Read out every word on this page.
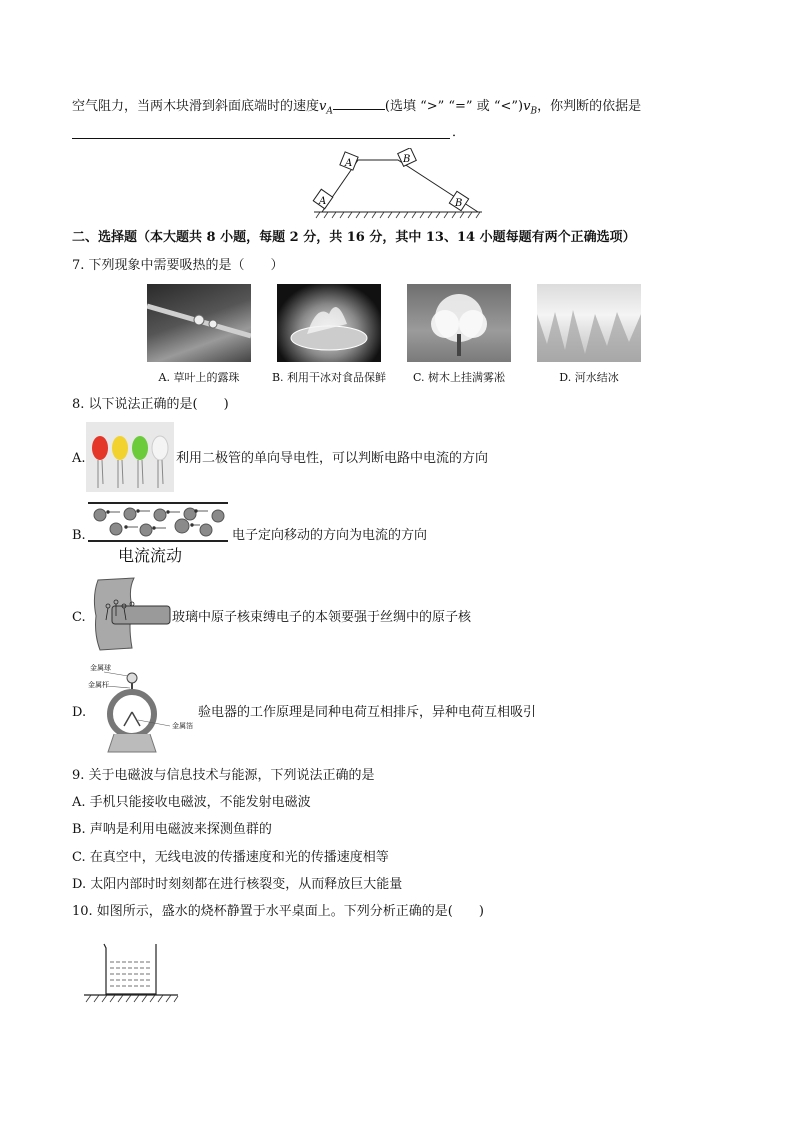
空气阻力，当两木块滑到斜面底端时的速度$v_A$	(选填 “>” “=” 或 “$<”)v_B$，你判断的依据是
．
A	B
A	B
二、选择题（本大题共 8 小题，每题 2 分，共 16 分，其中 13、14 小题每题有两个正确选项）
7. 下列现象中需要吸热的是（　　）
A. 草叶上的露珠	B. 利用干冰对食品保鲜	C. 树木上挂满雾凇	D. 河水结冰
8. 以下说法正确的是(　　)
A.	利用二极管的单向导电性，可以判断电路中电流的方向
B.
电流流动
电子定向移动的方向为电流的方向
C.	玻璃中原子核束缚电子的本领要强于丝绸中的原子核
D.
金属球
金属杆
金属箔
验电器的工作原理是同种电荷互相排斥，异种电荷互相吸引
9. 关于电磁波与信息技术与能源，下列说法正确的是
A. 手机只能接收电磁波，不能发射电磁波
B. 声呐是利用电磁波来探测鱼群的
C. 在真空中，无线电波的传播速度和光的传播速度相等
D. 太阳内部时时刻刻都在进行核裂变，从而释放巨大能量
10. 如图所示，盛水的烧杯静置于水平桌面上。下列分析正确的是(　　)
